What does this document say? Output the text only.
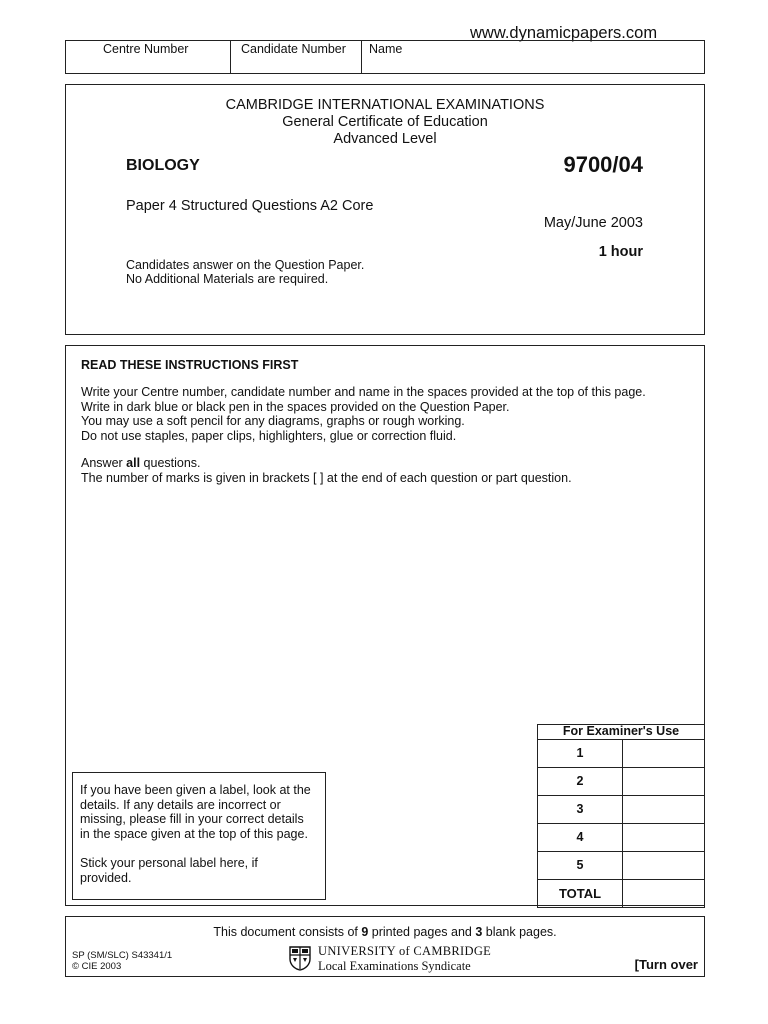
www.dynamicpapers.com
Centre Number	Candidate Number Name
CAMBRIDGE INTERNATIONAL EXAMINATIONS
General Certificate of Education
Advanced Level
BIOLOGY	9700/04
Paper 4 Structured Questions A2 Core
May/June 2003
1 hour
Candidates answer on the Question Paper.
No Additional Materials are required.
READ THESE INSTRUCTIONS FIRST
Write your Centre number, candidate number and name in the spaces provided at the top of this page.
Write in dark blue or black pen in the spaces provided on the Question Paper.
You may use a soft pencil for any diagrams, graphs or rough working.
Do not use staples, paper clips, highlighters, glue or correction fluid.
Answer all questions.
The number of marks is given in brackets [ ] at the end of each question or part question.
If you have been given a label, look at the
details. If any details are incorrect or
missing, please fill in your correct details
in the space given at the top of this page.
Stick your personal label here, if
provided.
For Examiner's Use
1
2
3
4
5
TOTAL
This document consists of 9 printed pages and 3 blank pages.
SP (SM/SLC) S43341/1
© CIE 2003
UNIVERSITY of CAMBRIDGE
Local Examinations Syndicate	[Turn over
